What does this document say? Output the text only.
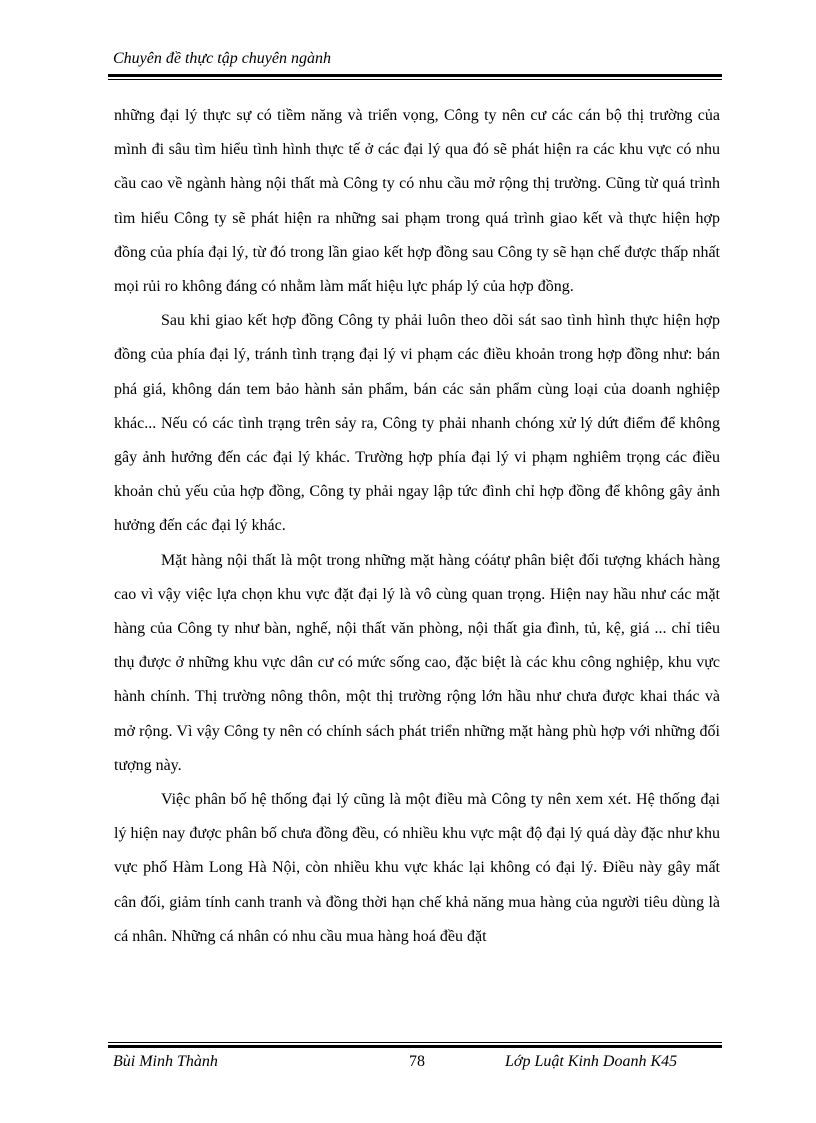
Chuyên đề thực tập chuyên ngành

những đại lý thực sự có tiềm năng và triển vọng, Công ty nên cư các cán bộ thị trường của mình đi sâu tìm hiểu tình hình thực tế ở các đại lý qua đó sẽ phát hiện ra các khu vực có nhu cầu cao về ngành hàng nội thất mà Công ty có nhu cầu mở rộng thị trường. Cũng từ quá trình tìm hiểu Công ty sẽ phát hiện ra những sai phạm trong quá trình giao kết và thực hiện hợp đồng của phía đại lý, từ đó trong lần giao kết hợp đồng sau Công ty sẽ hạn chế được thấp nhất mọi rủi ro không đáng có nhằm làm mất hiệu lực pháp lý của hợp đồng.

Sau khi giao kết hợp đồng Công ty phải luôn theo dõi sát sao tình hình thực hiện hợp đồng của phía đại lý, tránh tình trạng đại lý vi phạm các điều khoản trong hợp đồng như: bán phá giá, không dán tem bảo hành sản phẩm, bán các sản phẩm cùng loại của doanh nghiệp khác... Nếu có các tình trạng trên sảy ra, Công ty phải nhanh chóng xử lý dứt điểm để không gây ảnh hưởng đến các đại lý khác. Trường hợp phía đại lý vi phạm nghiêm trọng các điều khoản chủ yếu của hợp đồng, Công ty phải ngay lập tức đình chỉ hợp đồng để không gây ảnh hưởng đến các đại lý khác.

Mặt hàng nội thất là một trong những mặt hàng cóátự phân biệt đối tượng khách hàng cao vì vậy việc lựa chọn khu vực đặt đại lý là vô cùng quan trọng. Hiện nay hầu như các mặt hàng của Công ty như bàn, nghế, nội thất văn phòng, nội thất gia đình, tủ, kệ, giá ... chỉ tiêu thụ được ở những khu vực dân cư có mức sống cao, đặc biệt là các khu công nghiệp, khu vực hành chính. Thị trường nông thôn, một thị trường rộng lớn hầu như chưa được khai thác và mở rộng. Vì vậy Công ty nên có chính sách phát triển những mặt hàng phù hợp với những đối tượng này.

Việc phân bố hệ thống đại lý cũng là một điều mà Công ty nên xem xét. Hệ thống đại lý hiện nay được phân bố chưa đồng đều, có nhiều khu vực mật độ đại lý quá dày đặc như khu vực phố Hàm Long Hà Nội, còn nhiều khu vực khác lại không có đại lý. Điều này gây mất cân đối, giảm tính canh tranh và đồng thời hạn chế khả năng mua hàng của người tiêu dùng là cá nhân. Những cá nhân có nhu cầu mua hàng hoá đều đặt

Bùi Minh Thành	78	Lớp Luật Kinh Doanh K45
